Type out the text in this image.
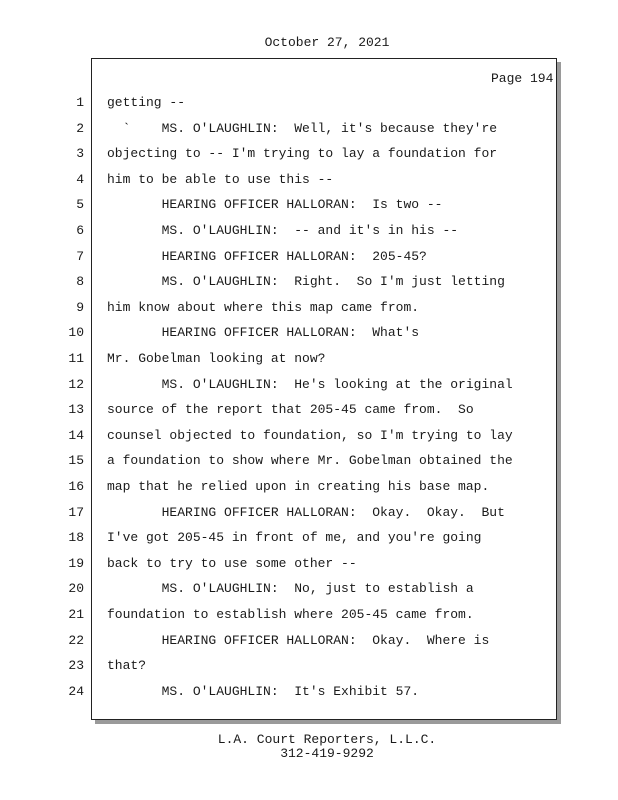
October 27, 2021
Page 194
1 getting --
2 `    MS. O'LAUGHLIN:  Well, it's because they're
3 objecting to -- I'm trying to lay a foundation for
4 him to be able to use this --
5 HEARING OFFICER HALLORAN:  Is two --
6 MS. O'LAUGHLIN:  -- and it's in his --
7 HEARING OFFICER HALLORAN:  205-45?
8 MS. O'LAUGHLIN:  Right.  So I'm just letting
9 him know about where this map came from.
10 HEARING OFFICER HALLORAN:  What's
11 Mr. Gobelman looking at now?
12 MS. O'LAUGHLIN:  He's looking at the original
13 source of the report that 205-45 came from.  So
14 counsel objected to foundation, so I'm trying to lay
15 a foundation to show where Mr. Gobelman obtained the
16 map that he relied upon in creating his base map.
17 HEARING OFFICER HALLORAN:  Okay.  Okay.  But
18 I've got 205-45 in front of me, and you're going
19 back to try to use some other --
20 MS. O'LAUGHLIN:  No, just to establish a
21 foundation to establish where 205-45 came from.
22 HEARING OFFICER HALLORAN:  Okay.  Where is
23 that?
24 MS. O'LAUGHLIN:  It's Exhibit 57.
L.A. Court Reporters, L.L.C.
312-419-9292
